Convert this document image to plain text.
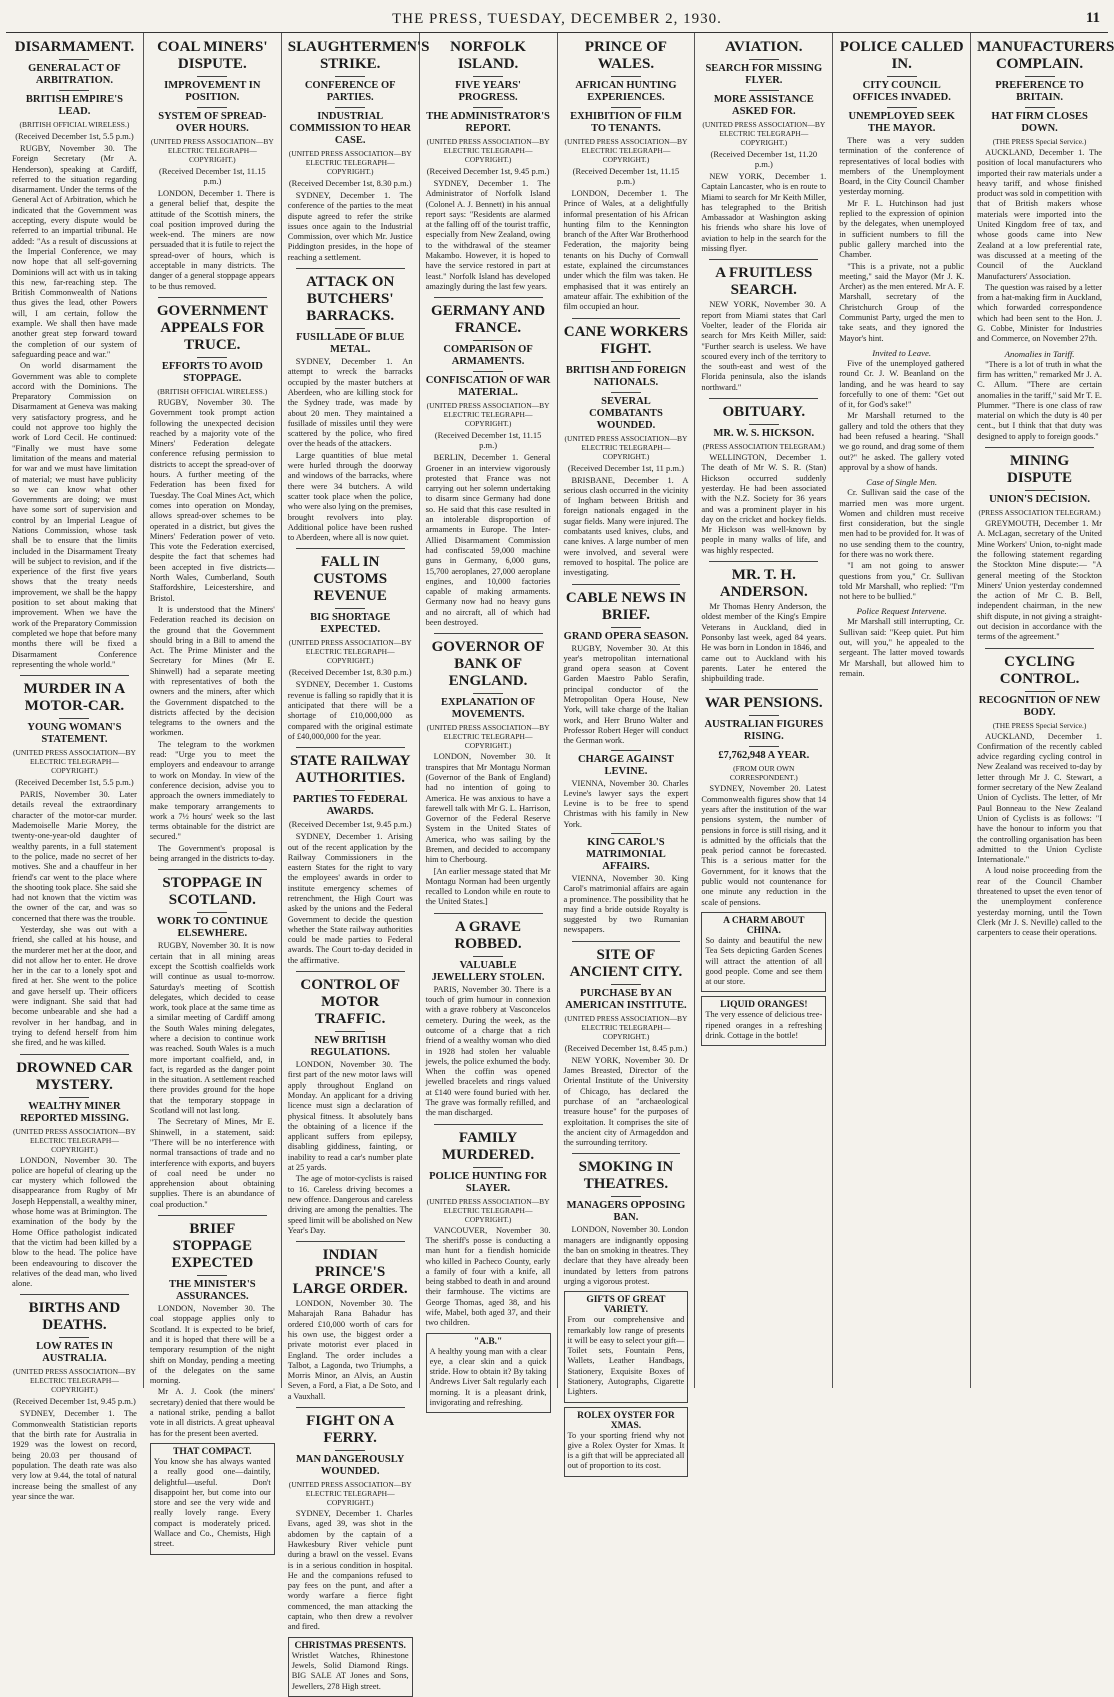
THE PRESS, TUESDAY, DECEMBER 2, 1930.	11
DISARMAMENT.
GENERAL ACT OF ARBITRATION.
BRITISH EMPIRE'S LEAD.
(BRITISH OFFICIAL WIRELESS.)
(Received December 1st, 5.5 p.m.)

RUGBY, November 30. The Foreign Secretary (Mr A. Henderson), speaking at Cardiff, referred to the situation regarding disarmament. Under the terms of the General Act of Arbitration, which he indicated that the Government was accepting, every dispute would be referred to an impartial tribunal. He added: "As a result of discussions at the Imperial Conference, we may now hope that all self-governing Dominions will act with us in taking this new, far-reaching step. The British Commonwealth of Nations thus gives the lead, other Powers will, I am certain, follow the example. We shall then have made another great step forward toward the completion of our system of safeguarding peace and war."

On world disarmament the Government was able to complete accord with the Dominions. The Preparatory Commission on Disarmament at Geneva was making very satisfactory progress, and he could not approve too highly the work of Lord Cecil. He continued: "Finally we must have some limitation of the means and material for war and we must have limitation of material; we must have publicity so we can know what other Governments are doing; we must have some sort of supervision and control by an Imperial League of Nations Commission, whose task shall be to ensure that the limits included in the Disarmament Treaty will be subject to revision, and if the experience of the first five years shows that the treaty needs improvement, we shall be the happy position to set about making that improvement. When we have the work of the Preparatory Commission completed we hope that before many months there will be fixed a Disarmament Conference representing the whole world."

MURDER IN A MOTOR-CAR.
YOUNG WOMAN'S STATEMENT.
(UNITED PRESS ASSOCIATION—BY ELECTRIC TELEGRAPH—COPYRIGHT.)
(Received December 1st, 5.5 p.m.)

PARIS, November 30. Later details reveal the extraordinary character of the motor-car murder. Mademoiselle Marie Morey, the twenty-one-year-old daughter of wealthy parents, in a full statement to the police, made no secret of her motives. She and a chauffeur in her friend's car went to the place where the shooting took place. She said she had not known that the victim was the owner of the car, and was so concerned that there was the trouble.

Yesterday, she was out with a friend, she called at his house, and the murderer met her at the door, and did not allow her to enter. He drove her in the car to a lonely spot and fired at her. She went to the police and gave herself up. Their officers were indignant. She said that had become unbearable and she had a revolver in her handbag, and in trying to defend herself from him she fired, and he was killed.

DROWNED CAR MYSTERY.
WEALTHY MINER REPORTED MISSING.
(UNITED PRESS ASSOCIATION—BY ELECTRIC TELEGRAPH—COPYRIGHT.)

LONDON, November 30. The police are hopeful of clearing up the car mystery which followed the disappearance from Rugby of Mr Joseph Heppenstall, a wealthy miner, whose home was at Brimington. The examination of the body by the Home Office pathologist indicated that the victim had been killed by a blow to the head. The police have been endeavouring to discover the relatives of the dead man, who lived alone.

BIRTHS AND DEATHS.
LOW RATES IN AUSTRALIA.
(UNITED PRESS ASSOCIATION—BY ELECTRIC TELEGRAPH—COPYRIGHT.)
(Received December 1st, 9.45 p.m.)

SYDNEY, December 1. The Commonwealth Statistician reports that the birth rate for Australia in 1929 was the lowest on record, being 20.03 per thousand of population. The death rate was also very low at 9.44, the total of natural increase being the smallest of any year since the war.

COAL MINERS' DISPUTE.
IMPROVEMENT IN POSITION.
SYSTEM OF SPREAD-OVER HOURS.
(UNITED PRESS ASSOCIATION—BY ELECTRIC TELEGRAPH—COPYRIGHT.)
(Received December 1st, 11.15 p.m.)

LONDON, December 1. There is a general belief that, despite the attitude of the Scottish miners, the coal position improved during the week-end. The miners are now persuaded that it is futile to reject the spread-over of hours, which is acceptable in many districts. The danger of a general stoppage appears to be thus removed.

GOVERNMENT APPEALS FOR TRUCE.
EFFORTS TO AVOID STOPPAGE.
(BRITISH OFFICIAL WIRELESS.)

RUGBY, November 30. The Government took prompt action following the unexpected decision reached by a majority vote of the Miners' Federation delegate conference refusing permission to districts to accept the spread-over of hours. A further meeting of the Federation has been fixed for Tuesday. The Coal Mines Act, which comes into operation on Monday, allows spread-over schemes to be operated in a district, but gives the Miners' Federation power of veto. This vote the Federation exercised, despite the fact that schemes had been accepted in five districts—North Wales, Cumberland, South Staffordshire, Leicestershire, and Bristol.

It is understood that the Miners' Federation reached its decision on the ground that the Government should bring in a Bill to amend the Act. The Prime Minister and the Secretary for Mines (Mr E. Shinwell) had a separate meeting with representatives of both the owners and the miners, after which the Government dispatched to the districts affected by the decision telegrams to the owners and the workmen.

The telegram to the workmen read: "Urge you to meet the employers and endeavour to arrange to work on Monday. In view of the conference decision, advise you to approach the owners immediately to make temporary arrangements to work a 7½ hours' week so the last terms obtainable for the district are secured."

The Government's proposal is being arranged in the districts to-day.

STOPPAGE IN SCOTLAND.
WORK TO CONTINUE ELSEWHERE.

RUGBY, November 30. It is now certain that in all mining areas except the Scottish coalfields work will continue as usual to-morrow. Saturday's meeting of Scottish delegates, which decided to cease work, took place at the same time as a similar meeting of Cardiff among the South Wales mining delegates, where a decision to continue work was reached. South Wales is a much more important coalfield, and, in fact, is regarded as the danger point in the situation. A settlement reached there provides ground for the hope that the temporary stoppage in Scotland will not last long.

The Secretary of Mines, Mr E. Shinwell, in a statement, said: "There will be no interference with normal transactions of trade and no interference with exports, and buyers of coal need be under no apprehension about obtaining supplies. There is an abundance of coal production."

BRIEF STOPPAGE EXPECTED
THE MINISTER'S ASSURANCES.

LONDON, November 30. The coal stoppage applies only to Scotland. It is expected to be brief, and it is hoped that there will be a temporary resumption of the night shift on Monday, pending a meeting of the delegates on the same morning.

Mr A. J. Cook (the miners' secretary) denied that there would be a national strike, pending a ballot vote in all districts. A great upheaval has for the present been averted.

THAT COMPACT.

You know she has always wanted a really good one—daintily, delightful—useful. Don't disappoint her, but come into our store and see the very wide and really lovely range. Every compact is moderately priced. Wallace and Co., Chemists, High street.

SLAUGHTERMEN'S STRIKE.
CONFERENCE OF PARTIES.
INDUSTRIAL COMMISSION TO HEAR CASE.
(UNITED PRESS ASSOCIATION—BY ELECTRIC TELEGRAPH—COPYRIGHT.)
(Received December 1st, 8.30 p.m.)

SYDNEY, December 1. The conference of the parties to the meat dispute agreed to refer the strike issues once again to the Industrial Commission, over which Mr. Justice Piddington presides, in the hope of reaching a settlement.

ATTACK ON BUTCHERS' BARRACKS.
FUSILLADE OF BLUE METAL.

SYDNEY, December 1. An attempt to wreck the barracks occupied by the master butchers at Aberdeen, who are killing stock for the Sydney trade, was made by about 20 men. They maintained a fusillade of missiles until they were scattered by the police, who fired over the heads of the attackers.

Large quantities of blue metal were hurled through the doorway and windows of the barracks, where there were 34 butchers. A wild scatter took place when the police, who were also lying on the premises, brought revolvers into play. Additional police have been rushed to Aberdeen, where all is now quiet.

FALL IN CUSTOMS REVENUE
BIG SHORTAGE EXPECTED.
(UNITED PRESS ASSOCIATION—BY ELECTRIC TELEGRAPH—COPYRIGHT.)
(Received December 1st, 8.30 p.m.)

SYDNEY, December 1. Customs revenue is falling so rapidly that it is anticipated that there will be a shortage of £10,000,000 as compared with the original estimate of £40,000,000 for the year.

STATE RAILWAY AUTHORITIES.
PARTIES TO FEDERAL AWARDS.
(Received December 1st, 9.45 p.m.)

SYDNEY, December 1. Arising out of the recent application by the Railway Commissioners in the eastern States for the right to vary the employees' awards in order to institute emergency schemes of retrenchment, the High Court was asked by the unions and the Federal Government to decide the question whether the State railway authorities could be made parties to Federal awards. The Court to-day decided in the affirmative.

CONTROL OF MOTOR TRAFFIC.
NEW BRITISH REGULATIONS.

LONDON, November 30. The first part of the new motor laws will apply throughout England on Monday. An applicant for a driving licence must sign a declaration of physical fitness. It absolutely bans the obtaining of a licence if the applicant suffers from epilepsy, disabling giddiness, fainting, or inability to read a car's number plate at 25 yards.

The age of motor-cyclists is raised to 16. Careless driving becomes a new offence. Dangerous and careless driving are among the penalties. The speed limit will be abolished on New Year's Day.

INDIAN PRINCE'S LARGE ORDER.

LONDON, November 30. The Maharajah Rana Bahadur has ordered £10,000 worth of cars for his own use, the biggest order a private motorist ever placed in England. The order includes a Talbot, a Lagonda, two Triumphs, a Morris Minor, an Alvis, an Austin Seven, a Ford, a Fiat, a De Soto, and a Vauxhall.

FIGHT ON A FERRY.
MAN DANGEROUSLY WOUNDED.
(UNITED PRESS ASSOCIATION—BY ELECTRIC TELEGRAPH—COPYRIGHT.)

SYDNEY, December 1. Charles Evans, aged 39, was shot in the abdomen by the captain of a Hawkesbury River vehicle punt during a brawl on the vessel. Evans is in a serious condition in hospital. He and the companions refused to pay fees on the punt, and after a wordy warfare a fierce fight commenced, the man attacking the captain, who then drew a revolver and fired.

CHRISTMAS PRESENTS.

Wristlet Watches, Rhinestone Jewels, Solid Diamond Rings. BIG SALE AT Jones and Sons, Jewellers, 278 High street.

NORFOLK ISLAND.
FIVE YEARS' PROGRESS.
THE ADMINISTRATOR'S REPORT.
(UNITED PRESS ASSOCIATION—BY ELECTRIC TELEGRAPH—COPYRIGHT.)
(Received December 1st, 9.45 p.m.)

SYDNEY, December 1. The Administrator of Norfolk Island (Colonel A. J. Bennett) in his annual report says: "Residents are alarmed at the falling off of the tourist traffic, especially from New Zealand, owing to the withdrawal of the steamer Makambo. However, it is hoped to have the service restored in part at least." Norfolk Island has developed amazingly during the last few years.

GERMANY AND FRANCE.
COMPARISON OF ARMAMENTS.
CONFISCATION OF WAR MATERIAL.
(UNITED PRESS ASSOCIATION—BY ELECTRIC TELEGRAPH—COPYRIGHT.)
(Received December 1st, 11.15 p.m.)

BERLIN, December 1. General Groener in an interview vigorously protested that France was not carrying out her solemn undertaking to disarm since Germany had done so. He said that this case resulted in an intolerable disproportion of armaments in Europe. The Inter-Allied Disarmament Commission had confiscated 59,000 machine guns in Germany, 6,000 guns, 15,700 aeroplanes, 27,000 aeroplane engines, and 10,000 factories capable of making armaments. Germany now had no heavy guns and no aircraft, all of which had been destroyed.

GOVERNOR OF BANK OF ENGLAND.
EXPLANATION OF MOVEMENTS.
(UNITED PRESS ASSOCIATION—BY ELECTRIC TELEGRAPH—COPYRIGHT.)

LONDON, November 30. It transpires that Mr Montagu Norman (Governor of the Bank of England) had no intention of going to America. He was anxious to have a farewell talk with Mr G. L. Harrison, Governor of the Federal Reserve System in the United States of America, who was sailing by the Bremen, and decided to accompany him to Cherbourg.

[An earlier message stated that Mr Montagu Norman had been urgently recalled to London while en route to the United States.]

A GRAVE ROBBED.
VALUABLE JEWELLERY STOLEN.

PARIS, November 30. There is a touch of grim humour in connexion with a grave robbery at Vasconcelos cemetery. During the week, as the outcome of a charge that a rich friend of a wealthy woman who died in 1928 had stolen her valuable jewels, the police exhumed the body. When the coffin was opened jewelled bracelets and rings valued at £140 were found buried with her. The grave was formally refilled, and the man discharged.

FAMILY MURDERED.
POLICE HUNTING FOR SLAYER.
(UNITED PRESS ASSOCIATION—BY ELECTRIC TELEGRAPH—COPYRIGHT.)

VANCOUVER, November 30. The sheriff's posse is conducting a man hunt for a fiendish homicide who killed in Pacheco County, early a family of four with a knife, all being stabbed to death in and around their farmhouse. The victims are George Thomas, aged 38, and his wife, Mabel, both aged 37, and their two children.

"A.B."

A healthy young man with a clear eye, a clear skin and a quick stride. How to obtain it? By taking Andrews Liver Salt regularly each morning. It is a pleasant drink, invigorating and refreshing.

PRINCE OF WALES.
AFRICAN HUNTING EXPERIENCES.
EXHIBITION OF FILM TO TENANTS.
(UNITED PRESS ASSOCIATION—BY ELECTRIC TELEGRAPH—COPYRIGHT.)
(Received December 1st, 11.15 p.m.)

LONDON, December 1. The Prince of Wales, at a delightfully informal presentation of his African hunting film to the Kennington branch of the After War Brotherhood Federation, the majority being tenants on his Duchy of Cornwall estate, explained the circumstances under which the film was taken. He emphasised that it was entirely an amateur affair. The exhibition of the film occupied an hour.

CANE WORKERS FIGHT.
BRITISH AND FOREIGN NATIONALS.
SEVERAL COMBATANTS WOUNDED.
(UNITED PRESS ASSOCIATION—BY ELECTRIC TELEGRAPH—COPYRIGHT.)
(Received December 1st, 11 p.m.)

BRISBANE, December 1. A serious clash occurred in the vicinity of Ingham between British and foreign nationals engaged in the sugar fields. Many were injured. The combatants used knives, clubs, and cane knives. A large number of men were involved, and several were removed to hospital. The police are investigating.

CABLE NEWS IN BRIEF.
GRAND OPERA SEASON.

RUGBY, November 30. At this year's metropolitan international grand opera season at Covent Garden Maestro Pablo Serafin, principal conductor of the Metropolitan Opera House, New York, will take charge of the Italian work, and Herr Bruno Walter and Professor Robert Heger will conduct the German work.

CHARGE AGAINST LEVINE.

VIENNA, November 30. Charles Levine's lawyer says the expert Levine is to be free to spend Christmas with his family in New York.

KING CAROL'S MATRIMONIAL AFFAIRS.

VIENNA, November 30. King Carol's matrimonial affairs are again a prominence. The possibility that he may find a bride outside Royalty is suggested by two Rumanian newspapers.

SITE OF ANCIENT CITY.
PURCHASE BY AN AMERICAN INSTITUTE.
(UNITED PRESS ASSOCIATION—BY ELECTRIC TELEGRAPH—COPYRIGHT.)
(Received December 1st, 8.45 p.m.)

NEW YORK, November 30. Dr James Breasted, Director of the Oriental Institute of the University of Chicago, has declared the purchase of an "archaeological treasure house" for the purposes of exploitation. It comprises the site of the ancient city of Armageddon and the surrounding territory.

SMOKING IN THEATRES.
MANAGERS OPPOSING BAN.

LONDON, November 30. London managers are indignantly opposing the ban on smoking in theatres. They declare that they have already been inundated by letters from patrons urging a vigorous protest.

GIFTS OF GREAT VARIETY.

From our comprehensive and remarkably low range of presents it will be easy to select your gift—Toilet sets, Fountain Pens, Wallets, Leather Handbags, Stationery, Exquisite Boxes of Stationery, Autographs, Cigarette Lighters.

ROLEX OYSTER FOR XMAS.

To your sporting friend why not give a Rolex Oyster for Xmas. It is a gift that will be appreciated all out of proportion to its cost.

AVIATION.
SEARCH FOR MISSING FLYER.
MORE ASSISTANCE ASKED FOR.
(UNITED PRESS ASSOCIATION—BY ELECTRIC TELEGRAPH—COPYRIGHT.)
(Received December 1st, 11.20 p.m.)

NEW YORK, December 1. Captain Lancaster, who is en route to Miami to search for Mr Keith Miller, has telegraphed to the British Ambassador at Washington asking his friends who share his love of aviation to help in the search for the missing flyer.

A FRUITLESS SEARCH.

NEW YORK, November 30. A report from Miami states that Carl Voelter, leader of the Florida air search for Mrs Keith Miller, said: "Further search is useless. We have scoured every inch of the territory to the south-east and west of the Florida peninsula, also the islands northward."

OBITUARY.
MR. W. S. HICKSON.
(PRESS ASSOCIATION TELEGRAM.)

WELLINGTON, December 1. The death of Mr W. S. R. (Stan) Hickson occurred suddenly yesterday. He had been associated with the N.Z. Society for 36 years and was a prominent player in his day on the cricket and hockey fields. Mr Hickson was well-known by people in many walks of life, and was highly respected.

MR. T. H. ANDERSON.

Mr Thomas Henry Anderson, the oldest member of the King's Empire Veterans in Auckland, died in Ponsonby last week, aged 84 years. He was born in London in 1846, and came out to Auckland with his parents. Later he entered the shipbuilding trade.

WAR PENSIONS.
AUSTRALIAN FIGURES RISING.
£7,762,948 A YEAR.
(FROM OUR OWN CORRESPONDENT.)

SYDNEY, November 20. Latest Commonwealth figures show that 14 years after the institution of the war pensions system, the number of pensions in force is still rising, and it is admitted by the officials that the peak period cannot be forecasted. This is a serious matter for the Government, for it knows that the public would not countenance for one minute any reduction in the scale of pensions.

A CHARM ABOUT CHINA.

So dainty and beautiful the new Tea Sets depicting Garden Scenes will attract the attention of all good people. Come and see them at our store.

LIQUID ORANGES!

The very essence of delicious tree-ripened oranges in a refreshing drink. Cottage in the bottle!

POLICE CALLED IN.
CITY COUNCIL OFFICES INVADED.
UNEMPLOYED SEEK THE MAYOR.

There was a very sudden termination of the conference of representatives of local bodies with members of the Unemployment Board, in the City Council Chamber yesterday morning.

Mr F. L. Hutchinson had just replied to the expression of opinion by the delegates, when unemployed in sufficient numbers to fill the public gallery marched into the Chamber.

"This is a private, not a public meeting," said the Mayor (Mr J. K. Archer) as the men entered. Mr A. F. Marshall, secretary of the Christchurch Group of the Communist Party, urged the men to take seats, and they ignored the Mayor's hint.

Invited to Leave.

Five of the unemployed gathered round Cr. J. W. Beanland on the landing, and he was heard to say forcefully to one of them: "Get out of it, for God's sake!"

Mr Marshall returned to the gallery and told the others that they had been refused a hearing. "Shall we go round, and drag some of them out?" he asked. The gallery voted approval by a show of hands.

Case of Single Men.

Cr. Sullivan said the case of the married men was more urgent. Women and children must receive first consideration, but the single men had to be provided for. It was of no use sending them to the country, for there was no work there.

"I am not going to answer questions from you," Cr. Sullivan told Mr Marshall, who replied: "I'm not here to be bullied."

Police Request Intervene.

Mr Marshall still interrupting, Cr. Sullivan said: "Keep quiet. Put him out, will you," he appealed to the sergeant. The latter moved towards Mr Marshall, but allowed him to remain.

MANUFACTURERS COMPLAIN.
PREFERENCE TO BRITAIN.
HAT FIRM CLOSES DOWN.
(THE PRESS Special Service.)

AUCKLAND, December 1. The position of local manufacturers who imported their raw materials under a heavy tariff, and whose finished product was sold in competition with that of British makers whose materials were imported into the United Kingdom free of tax, and whose goods came into New Zealand at a low preferential rate, was discussed at a meeting of the Council of the Auckland Manufacturers' Association.

The question was raised by a letter from a hat-making firm in Auckland, which forwarded correspondence which had been sent to the Hon. J. G. Cobbe, Minister for Industries and Commerce, on November 27th.

Anomalies in Tariff.

"There is a lot of truth in what the firm has written," remarked Mr J. A. C. Allum. "There are certain anomalies in the tariff," said Mr T. E. Plummer. "There is one class of raw material on which the duty is 40 per cent., but I think that that duty was designed to apply to foreign goods."

MINING DISPUTE
UNION'S DECISION.
(PRESS ASSOCIATION TELEGRAM.)

GREYMOUTH, December 1. Mr A. McLagan, secretary of the United Mine Workers' Union, to-night made the following statement regarding the Stockton Mine dispute:— "A general meeting of the Stockton Miners' Union yesterday condemned the action of Mr C. B. Bell, independent chairman, in the new shift dispute, in not giving a straight-out decision in accordance with the terms of the agreement."

CYCLING CONTROL.
RECOGNITION OF NEW BODY.
(THE PRESS Special Service.)

AUCKLAND, December 1. Confirmation of the recently cabled advice regarding cycling control in New Zealand was received to-day by letter through Mr J. C. Stewart, a former secretary of the New Zealand Union of Cyclists. The letter, of Mr Paul Bonneau to the New Zealand Union of Cyclists is as follows: "I have the honour to inform you that the controlling organisation has been admitted to the Union Cycliste Internationale."

A loud noise proceeding from the rear of the Council Chamber threatened to upset the even tenor of the unemployment conference yesterday morning, until the Town Clerk (Mr J. S. Neville) called to the carpenters to cease their operations.
